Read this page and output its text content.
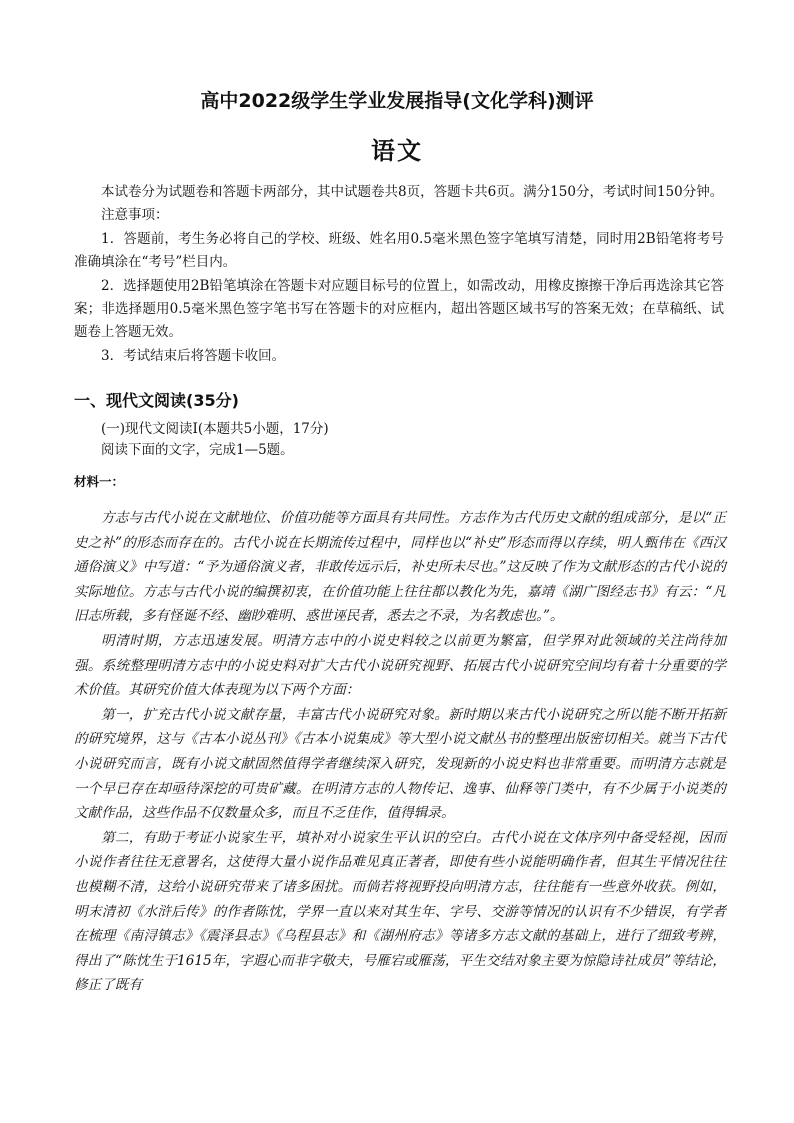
高中2022级学生学业发展指导(文化学科)测评
语文

本试卷分为试题卷和答题卡两部分，其中试题卷共8页，答题卡共6页。满分150分，考试时间150分钟。

注意事项：

1．答题前，考生务必将自己的学校、班级、姓名用0.5毫米黑色签字笔填写清楚，同时用2B铅笔将考号准确填涂在“考号”栏目内。

2．选择题使用2B铅笔填涂在答题卡对应题目标号的位置上，如需改动，用橡皮擦擦干净后再选涂其它答案；非选择题用0.5毫米黑色签字笔书写在答题卡的对应框内，超出答题区域书写的答案无效；在草稿纸、试题卷上答题无效。

3．考试结束后将答题卡收回。

一、现代文阅读(35分)

(一)现代文阅读Ⅰ(本题共5小题，17分)

阅读下面的文字，完成1—5题。

材料一：

方志与古代小说在文献地位、价值功能等方面具有共同性。方志作为古代历史文献的组成部分，是以“正史之补”的形态而存在的。古代小说在长期流传过程中，同样也以“补史”形态而得以存续，明人甄伟在《西汉通俗演义》中写道：“予为通俗演义者，非敢传远示后，补史所未尽也。”这反映了作为文献形态的古代小说的实际地位。方志与古代小说的编撰初衷，在价值功能上往往都以教化为先，嘉靖《湖广图经志书》有云：“凡旧志所载，多有怪诞不经、幽眇难明、惑世诬民者，悉去之不录，为名教虑也。”。

明清时期，方志迅速发展。明清方志中的小说史料较之以前更为繁富，但学界对此领域的关注尚待加强。系统整理明清方志中的小说史料对扩大古代小说研究视野、拓展古代小说研究空间均有着十分重要的学术价值。其研究价值大体表现为以下两个方面：

第一，扩充古代小说文献存量，丰富古代小说研究对象。新时期以来古代小说研究之所以能不断开拓新的研究境界，这与《古本小说丛刊》《古本小说集成》等大型小说文献丛书的整理出版密切相关。就当下古代小说研究而言，既有小说文献固然值得学者继续深入研究，发现新的小说史料也非常重要。而明清方志就是一个早已存在却亟待深挖的可贵矿藏。在明清方志的人物传记、逸事、仙释等门类中，有不少属于小说类的文献作品，这些作品不仅数量众多，而且不乏佳作，值得辑录。

第二，有助于考证小说家生平，填补对小说家生平认识的空白。古代小说在文体序列中备受轻视，因而小说作者往往无意署名，这使得大量小说作品难见真正著者，即使有些小说能明确作者，但其生平情况往往也模糊不清，这给小说研究带来了诸多困扰。而倘若将视野投向明清方志，往往能有一些意外收获。例如，明末清初《水浒后传》的作者陈忱，学界一直以来对其生年、字号、交游等情况的认识有不少错误，有学者在梳理《南浔镇志》《震泽县志》《乌程县志》和《湖州府志》等诸多方志文献的基础上，进行了细致考辨，得出了“陈忱生于1615年，字遐心而非字敬夫，号雁宕或雁荡，平生交结对象主要为惊隐诗社成员”等结论，修正了既有
